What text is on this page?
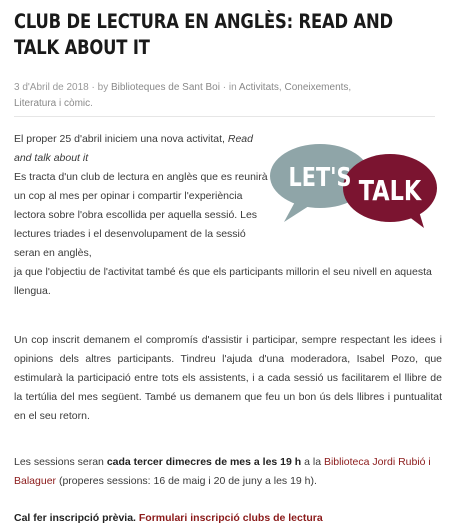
CLUB DE LECTURA EN ANGLÈS: READ AND TALK ABOUT IT
3 d'Abril de 2018 · by Biblioteques de Sant Boi · in Activitats, Coneixements,
Literatura i còmic.
LET'S TALK

El proper 25 d'abril iniciem una nova activitat, Read and talk about it
Es tracta d'un club de lectura en anglès que es reunirà un cop al mes per opinar i compartir l'experiència lectora sobre l'obra escollida per aquella sessió. Les lectures triades i el desenvolupament de la sessió seran en anglès,

ja que l'objectiu de l'activitat també és que els participants millorin el seu nivell en aquesta llengua.

Un cop inscrit demanem el compromís d'assistir i participar, sempre respectant les idees i opinions dels altres participants. Tindreu l'ajuda d'una moderadora, Isabel Pozo, que estimularà la participació entre tots els assistents, i a cada sessió us facilitarem el llibre de la tertúlia del mes següent. També us demanem que feu un bon ús dels llibres i puntualitat en el seu retorn.

Les sessions seran cada tercer dimecres de mes a les 19 h a la Biblioteca Jordi Rubió i Balaguer (properes sessions: 16 de maig i 20 de juny a les 19 h).

Cal fer inscripció prèvia. Formulari inscripció clubs de lectura
